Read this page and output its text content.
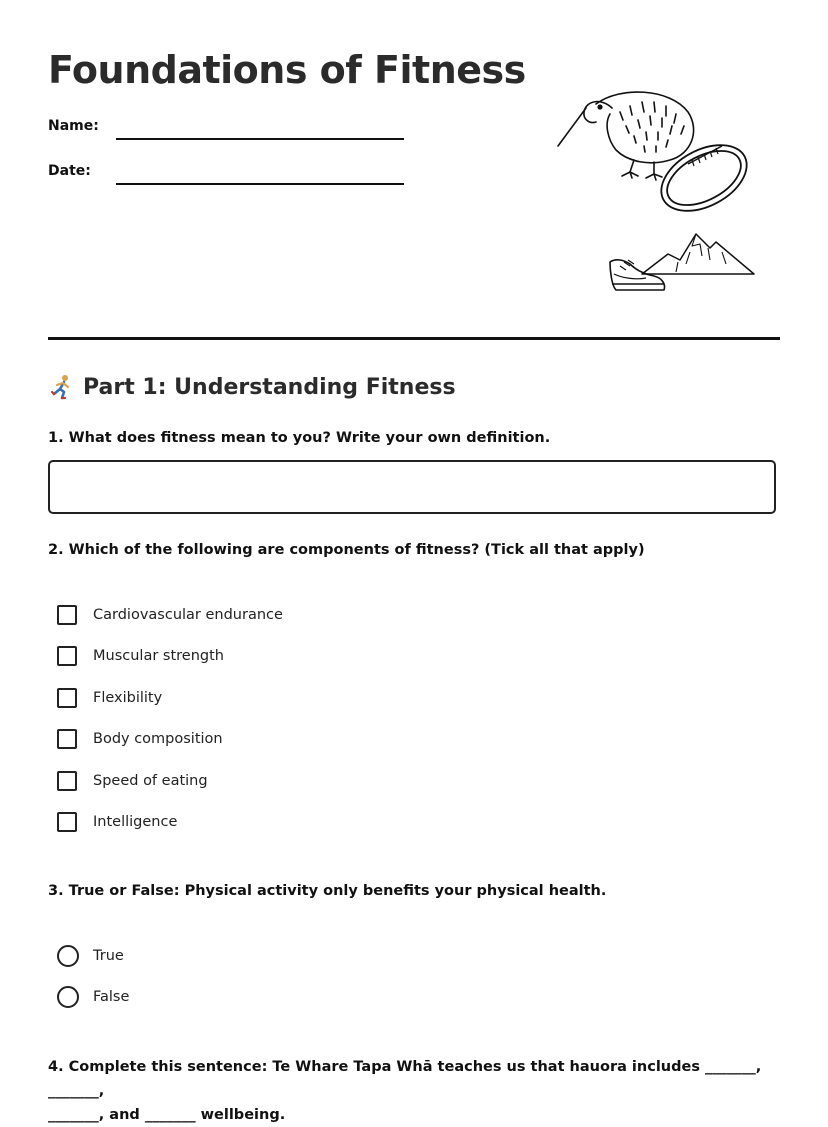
Foundations of Fitness
Name:
Date:
Part 1: Understanding Fitness

1. What does fitness mean to you? Write your own definition.

2. Which of the following are components of fitness? (Tick all that apply)

Cardiovascular endurance
Muscular strength
Flexibility
Body composition
Speed of eating
Intelligence

3. True or False: Physical activity only benefits your physical health.

True
False

4. Complete this sentence: Te Whare Tapa Whā teaches us that hauora includes _______, _______,
_______, and _______ wellbeing.
